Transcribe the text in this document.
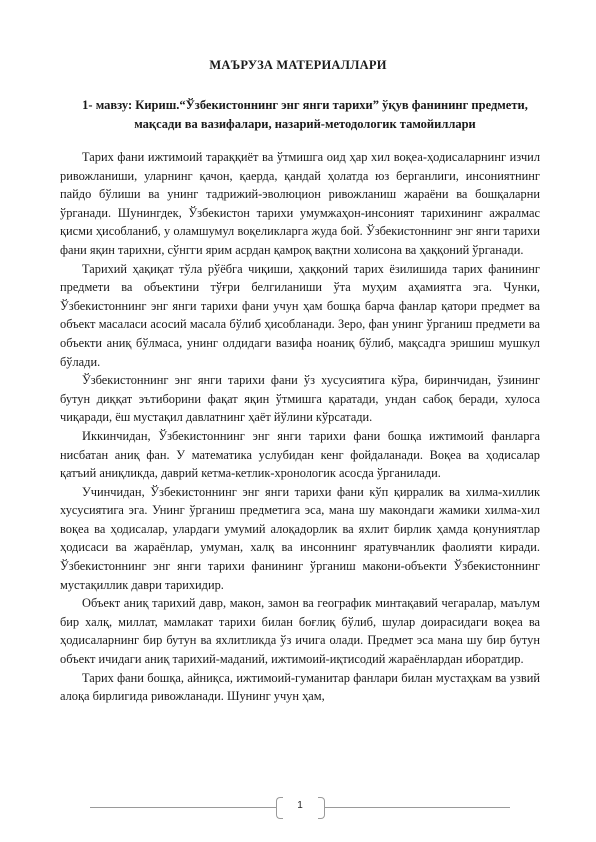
МАЪРУЗА МАТЕРИАЛЛАРИ
1- мавзу: Кириш.“Ўзбекистоннинг энг янги тарихи” ўқув фанининг предмети, мақсади ва вазифалари, назарий-методологик тамойиллари

Тарих фани ижтимоий тараққиёт ва ўтмишга оид ҳар хил воқеа-ҳодисаларнинг изчил ривожланиши, уларнинг қачон, қаерда, қандай ҳолатда юз берганлиги, инсониятнинг пайдо бўлиши ва унинг тадрижий-эволюцион ривожланиш жараёни ва бошқаларни ўрганади. Шунингдек, Ўзбекистон тарихи умумжаҳон-инсоният тарихининг ажралмас қисми ҳисобланиб, у оламшумул воқеликларга жуда бой. Ўзбекистоннинг энг янги тарихи фани яқин тарихни, сўнгги ярим асрдан қамроқ вақтни холисона ва ҳаққоний ўрганади.

Тарихий ҳақиқат тўла рўёбга чиқиши, ҳаққоний тарих ёзилишида тарих фанининг предмети ва объектини тўғри белгиланиши ўта муҳим аҳамиятга эга. Чунки, Ўзбекистоннинг энг янги тарихи фани учун ҳам бошқа барча фанлар қатори предмет ва объект масаласи асосий масала бўлиб ҳисобланади. Зеро, фан унинг ўрганиш предмети ва объекти аниқ бўлмаса, унинг олдидаги вазифа ноаниқ бўлиб, мақсадга эришиш мушкул бўлади.

Ўзбекистоннинг энг янги тарихи фани ўз хусусиятига кўра, биринчидан, ўзининг бутун диққат эътиборини фақат яқин ўтмишга қаратади, ундан сабоқ беради, хулоса чиқаради, ёш мустақил давлатнинг ҳаёт йўлини кўрсатади.

Иккинчидан, Ўзбекистоннинг энг янги тарихи фани бошқа ижтимоий фанларга нисбатан аниқ фан. У математика услубидан кенг фойдаланади. Воқеа ва ҳодисалар қатъий аниқликда, даврий кетма-кетлик-хронологик асосда ўрганилади.

Учинчидан, Ўзбекистоннинг энг янги тарихи фани кўп қирралик ва хилма-хиллик хусусиятига эга. Унинг ўрганиш предметига эса, мана шу макондаги жамики хилма-хил воқеа ва ҳодисалар, улардаги умумий алоқадорлик ва яхлит бирлик ҳамда қонуниятлар ҳодисаси ва жараёнлар, умуман, халқ ва инсоннинг яратувчанлик фаолияти киради. Ўзбекистоннинг энг янги тарихи фанининг ўрганиш макони-объекти Ўзбекистоннинг мустақиллик даври тарихидир.

Объект аниқ тарихий давр, макон, замон ва географик минтақавий чегаралар, маълум бир халқ, миллат, мамлакат тарихи билан боғлиқ бўлиб, шулар доирасидаги воқеа ва ҳодисаларнинг бир бутун ва яхлитликда ўз ичига олади. Предмет эса мана шу бир бутун объект ичидаги аниқ тарихий-маданий, ижтимоий-иқтисодий жараёнлардан иборатдир.

Тарих фани бошқа, айниқса, ижтимоий-гуманитар фанлари билан мустаҳкам ва узвий алоқа бирлигида ривожланади. Шунинг учун ҳам,

1
